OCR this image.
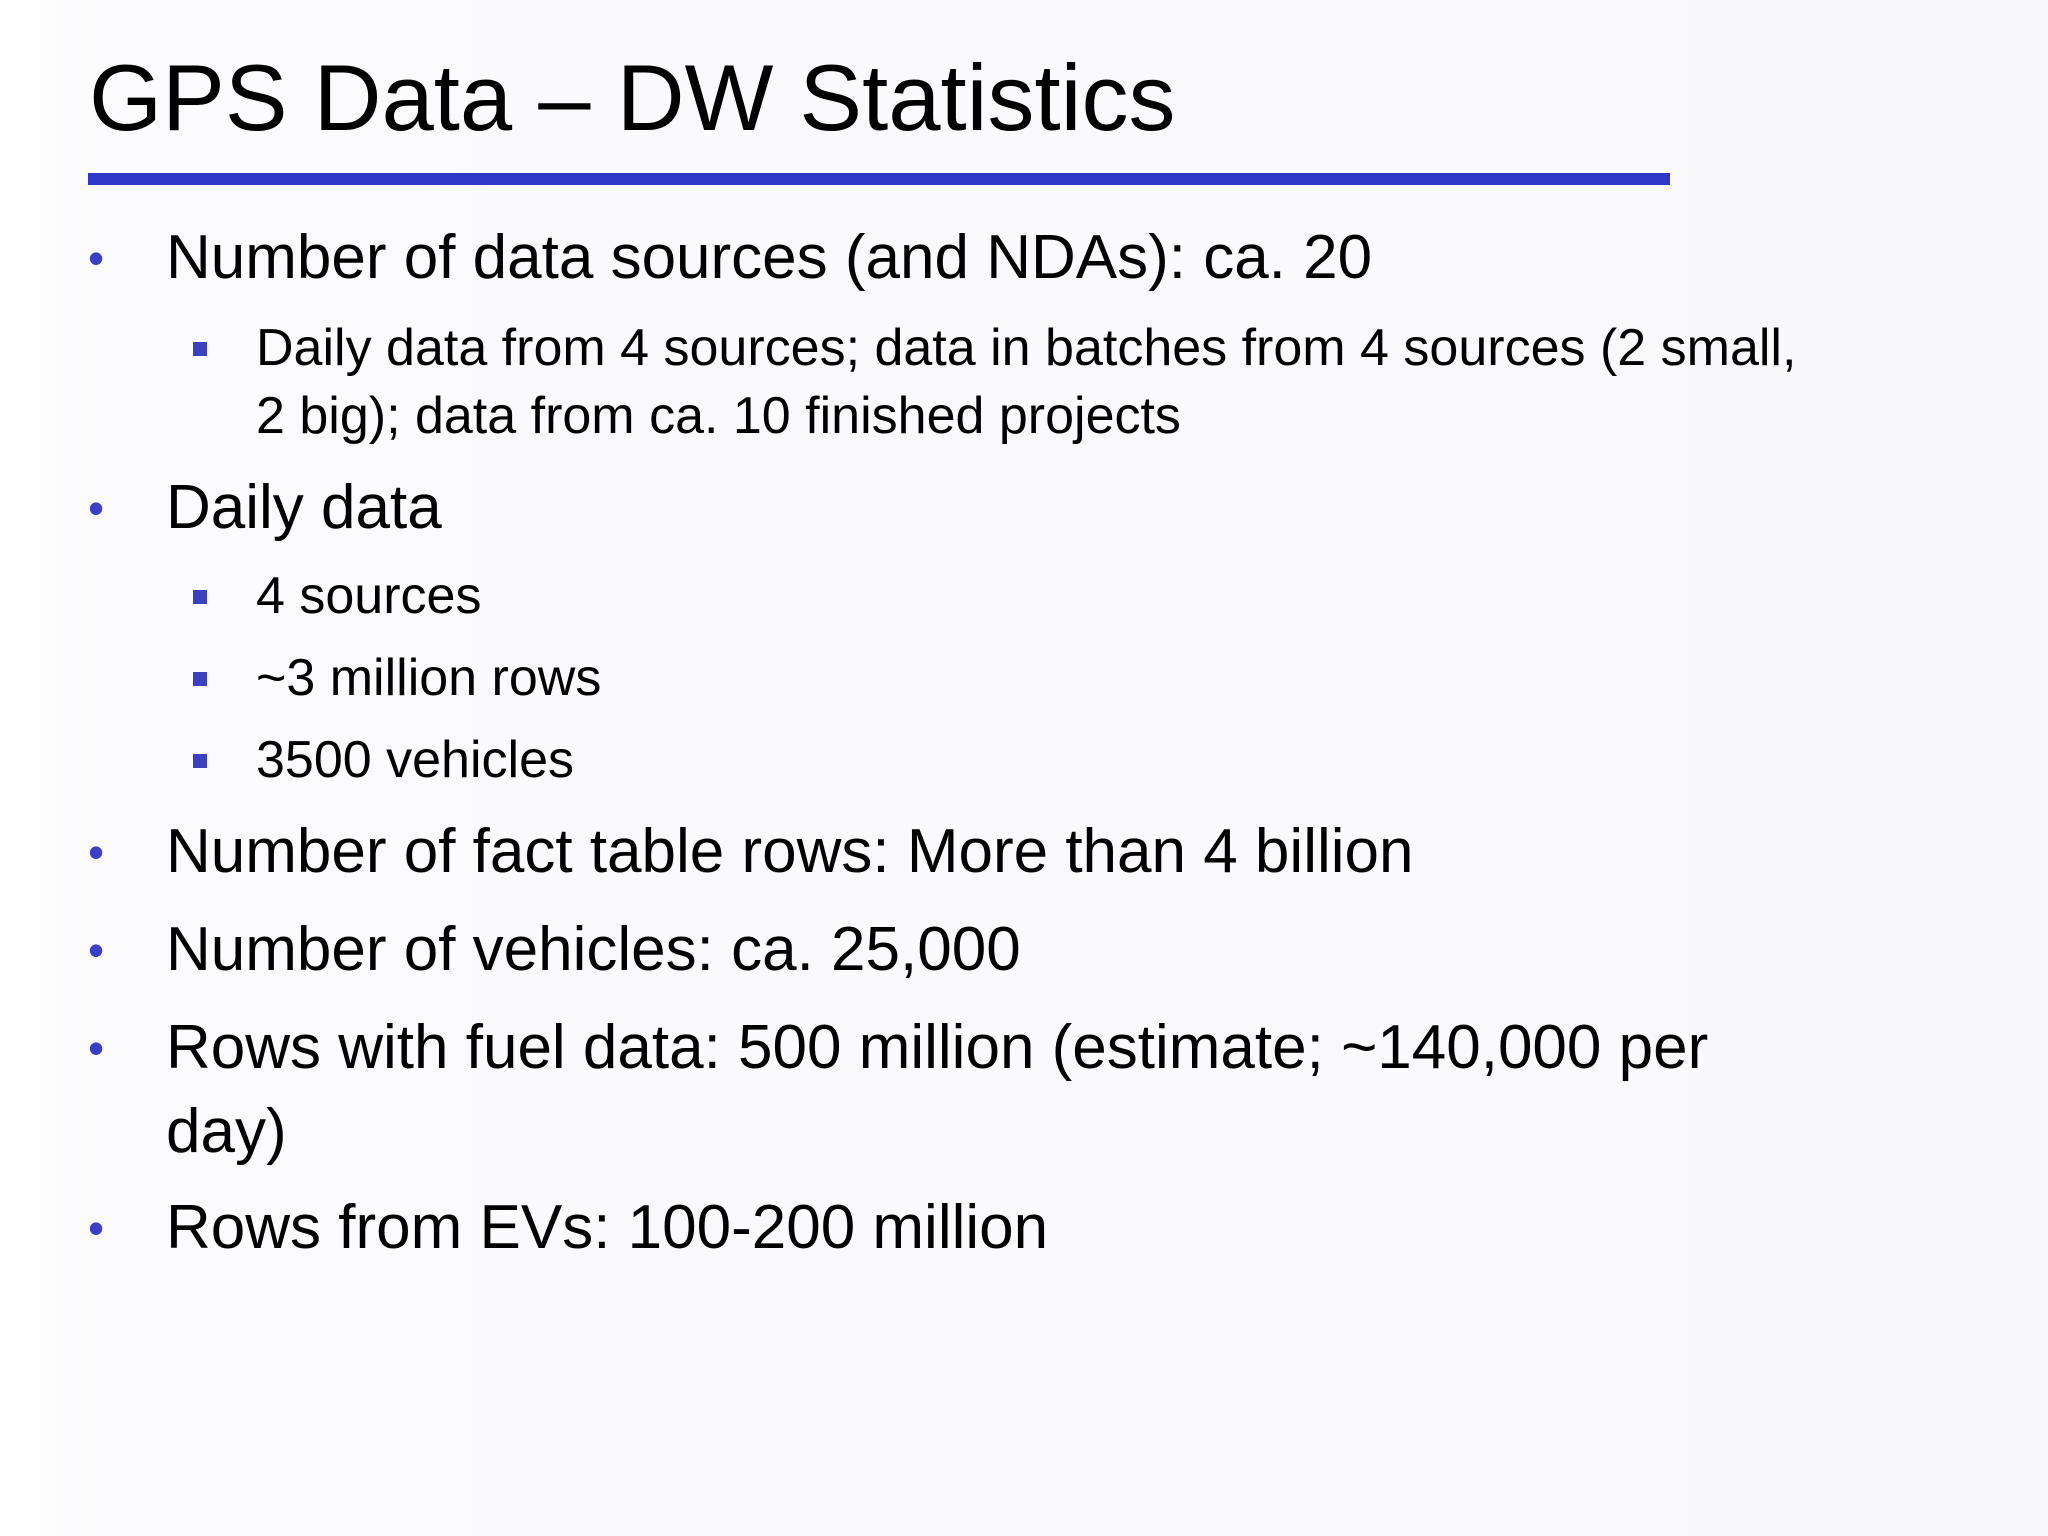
GPS Data – DW Statistics
• Number of data sources (and NDAs): ca. 20
Daily data from 4 sources; data in batches from 4 sources (2 small,
2 big); data from ca. 10 finished projects
• Daily data
4 sources
~3 million rows
3500 vehicles
• Number of fact table rows: More than 4 billion
• Number of vehicles: ca. 25,000
• Rows with fuel data: 500 million (estimate; ~140,000 per
day)
• Rows from EVs: 100-200 million
